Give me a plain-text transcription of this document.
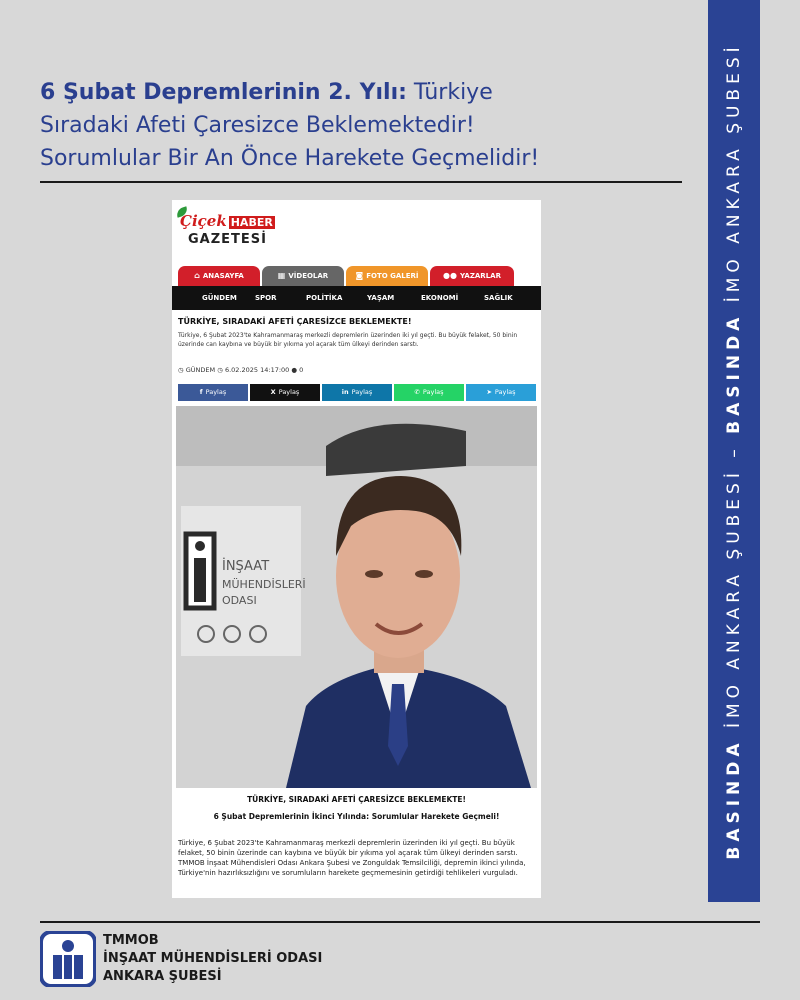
6 Şubat Depremlerinin 2. Yılı: Türkiye
Sıradaki Afeti Çaresizce Beklemektedir!
Sorumlular Bir An Önce Harekete Geçmelidir!
BASINDA İMO ANKARA ŞUBESİ – BASINDA İMO ANKARA ŞUBESİ
Çiçek HABER
GAZETESİ
⌂ ANASAYFA	▦ VİDEOLAR	◙ FOTO GALERİ	●● YAZARLAR
GÜNDEM	SPOR	POLİTİKA	YAŞAM	EKONOMİ	SAĞLIK
TÜRKİYE, SIRADAKİ AFETİ ÇARESİZCE BEKLEMEKTE!
Türkiye, 6 Şubat 2023'te Kahramanmaraş merkezli depremlerin üzerinden iki yıl geçti. Bu büyük felaket, 50 binin üzerinde can kaybına ve büyük bir yıkıma yol açarak tüm ülkeyi derinden sarstı.
◷ GÜNDEM ◷ 6.02.2025 14:17:00 ● 0
f Paylaş	X Paylaş	in Paylaş	✆ Paylaş	➤ Paylaş
İNŞAAT
MÜHENDİSLERİ
ODASI
TÜRKİYE, SIRADAKİ AFETİ ÇARESİZCE BEKLEMEKTE!
6 Şubat Depremlerinin İkinci Yılında: Sorumlular Harekete Geçmeli!
Türkiye, 6 Şubat 2023'te Kahramanmaraş merkezli depremlerin üzerinden iki yıl geçti. Bu büyük felaket, 50 binin üzerinde can kaybına ve büyük bir yıkıma yol açarak tüm ülkeyi derinden sarstı. TMMOB İnşaat Mühendisleri Odası Ankara Şubesi ve Zonguldak Temsilciliği, depremin ikinci yılında, Türkiye'nin hazırlıksızlığını ve sorumluların harekete geçmemesinin getirdiği tehlikeleri vurguladı.
TMMOB
İNŞAAT MÜHENDİSLERİ ODASI
ANKARA ŞUBESİ
